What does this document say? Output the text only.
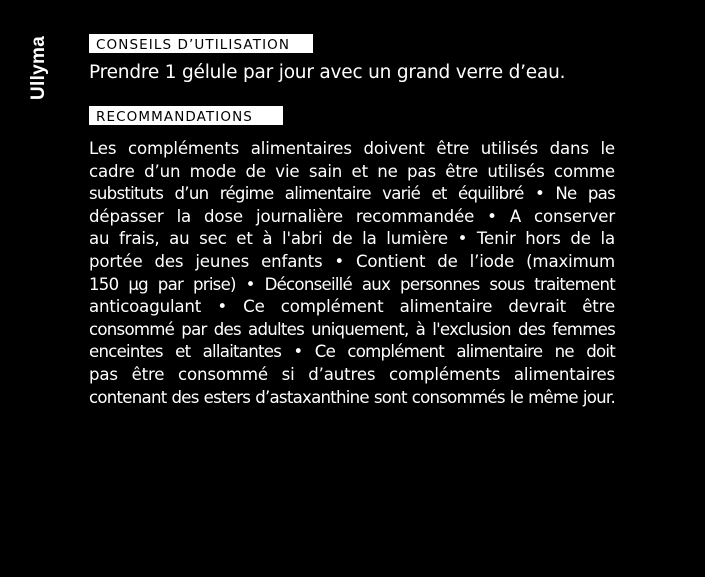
Ullyma	CONSEILS D’UTILISATION
Prendre 1 gélule par jour avec un grand verre d’eau.
RECOMMANDATIONS
Les compléments alimentaires doivent être utilisés dans le
cadre d’un mode de vie sain et ne pas être utilisés comme
substituts d’un régime alimentaire varié et équilibré • Ne pas
dépasser la dose journalière recommandée • A conserver
au frais, au sec et à l'abri de la lumière • Tenir hors de la
portée des jeunes enfants • Contient de l’iode (maximum
150 µg par prise) • Déconseillé aux personnes sous traitement
anticoagulant • Ce complément alimentaire devrait être
consommé par des adultes uniquement, à l'exclusion des femmes
enceintes et allaitantes • Ce complément alimentaire ne doit
pas être consommé si d’autres compléments alimentaires
contenant des esters d’astaxanthine sont consommés le même jour.
